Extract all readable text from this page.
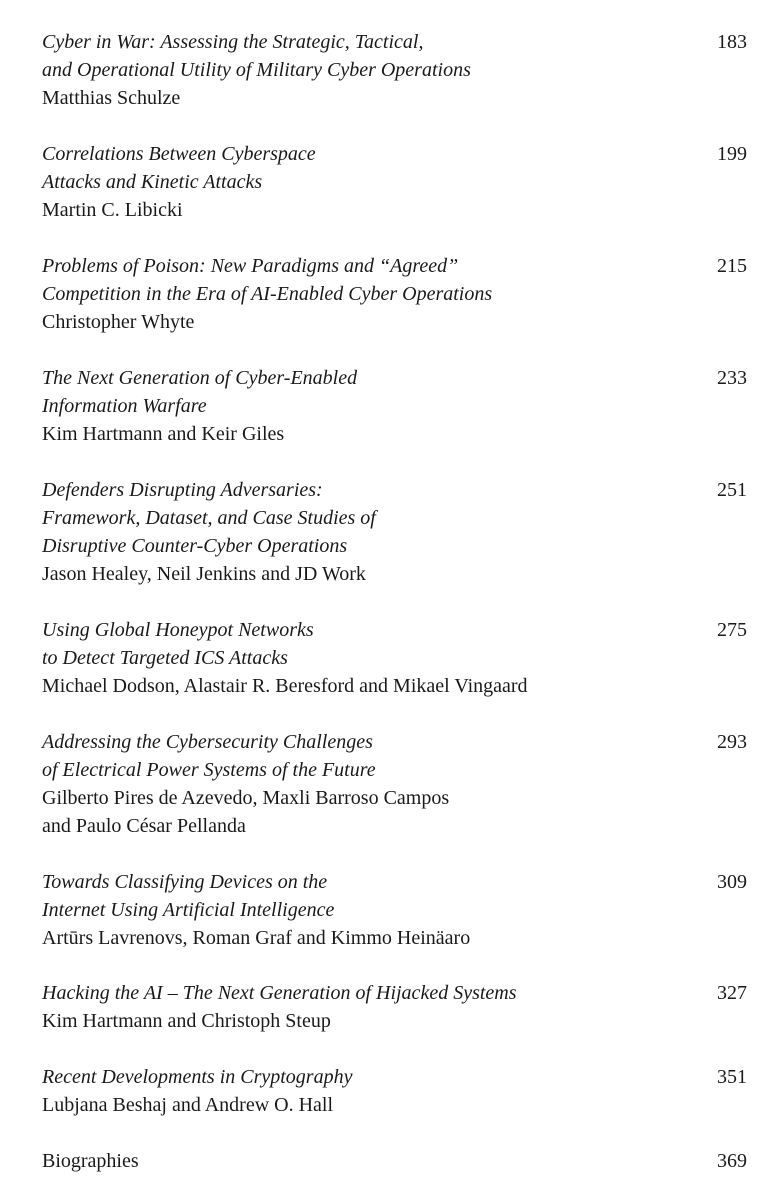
Cyber in War: Assessing the Strategic, Tactical,
and Operational Utility of Military Cyber Operations
Matthias Schulze
183
Correlations Between Cyberspace
Attacks and Kinetic Attacks
Martin C. Libicki
199
Problems of Poison: New Paradigms and “Agreed”
Competition in the Era of AI-Enabled Cyber Operations
Christopher Whyte
215
The Next Generation of Cyber-Enabled
Information Warfare
Kim Hartmann and Keir Giles
233
Defenders Disrupting Adversaries:
Framework, Dataset, and Case Studies of
Disruptive Counter-Cyber Operations
Jason Healey, Neil Jenkins and JD Work
251
Using Global Honeypot Networks
to Detect Targeted ICS Attacks
Michael Dodson, Alastair R. Beresford and Mikael Vingaard
275
Addressing the Cybersecurity Challenges
of Electrical Power Systems of the Future
Gilberto Pires de Azevedo, Maxli Barroso Campos
and Paulo César Pellanda
293
Towards Classifying Devices on the
Internet Using Artificial Intelligence
Artūrs Lavrenovs, Roman Graf and Kimmo Heinäaro
309
Hacking the AI – The Next Generation of Hijacked Systems
Kim Hartmann and Christoph Steup
327
Recent Developments in Cryptography
Lubjana Beshaj and Andrew O. Hall
351
Biographies	369
